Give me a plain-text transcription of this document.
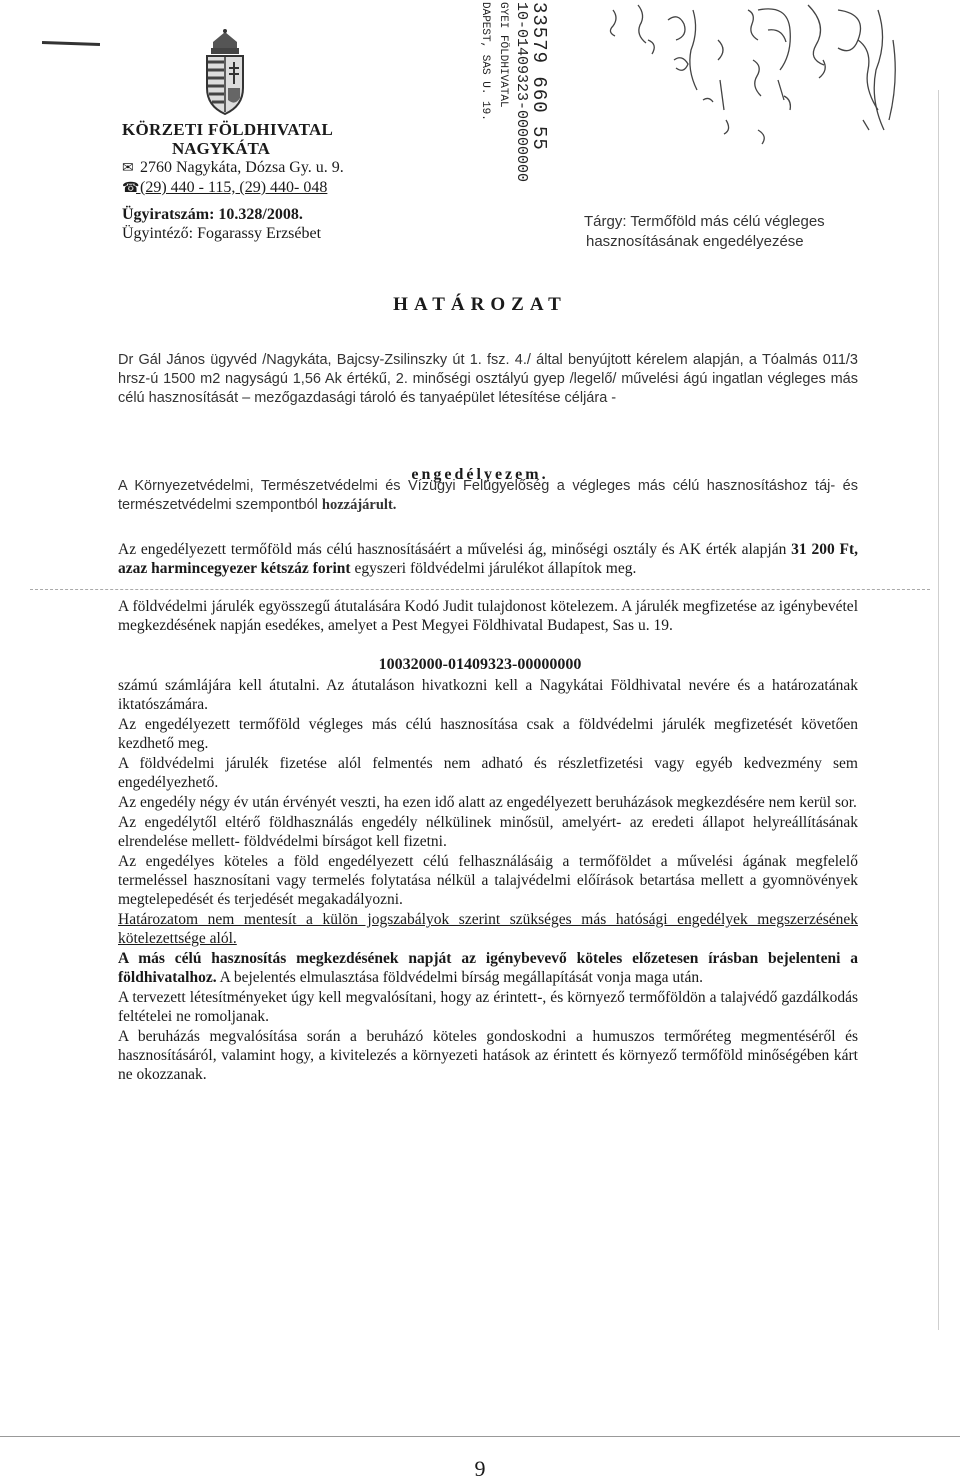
KÖRZETI FÖLDHIVATAL
NAGYKÁTA
✉ 2760 Nagykáta, Dózsa Gy. u. 9.
☎ (29) 440 - 115, (29) 440- 048
Ügyiratszám: 10.328/2008.
Ügyintéző: Fogarassy Erzsébet
Tárgy: Termőföld más célú végleges
hasznosításának engedélyezése
33579 660 55
10-01409323-00000000
GYEI FÖLDHIVATAL
DAPEST, SAS U. 19.
HATÁROZAT
Dr Gál János ügyvéd /Nagykáta, Bajcsy-Zsilinszky út 1. fsz. 4./ által benyújtott kérelem alapján, a Tóalmás 011/3 hrsz-ú 1500 m2 nagyságú 1,56 Ak értékű, 2. minőségi osztályú gyep /legelő/ művelési ágú ingatlan végleges más célú hasznosítását – mezőgazdasági tároló és tanyaépület létesítése céljára -
engedélyezem.
A Környezetvédelmi, Természetvédelmi és Vízügyi Felügyelőség a végleges más célú hasznosításhoz táj- és természetvédelmi szempontból hozzájárult.
Az engedélyezett termőföld más célú hasznosításáért a művelési ág, minőségi osztály és AK érték alapján 31 200 Ft, azaz harmincegyezer kétszáz forint egyszeri földvédelmi járulékot állapítok meg.
A földvédelmi járulék egyösszegű átutalására Kodó Judit tulajdonost kötelezem. A járulék megfizetése az igénybevétel megkezdésének napján esedékes, amelyet a Pest Megyei Földhivatal Budapest, Sas u. 19.
10032000-01409323-00000000
számú számlájára kell átutalni. Az átutaláson hivatkozni kell a Nagykátai Földhivatal nevére és a határozatának iktatószámára.
Az engedélyezett termőföld végleges más célú hasznosítása csak a földvédelmi járulék megfizetését követően kezdhető meg.
A földvédelmi járulék fizetése alól felmentés nem adható és részletfizetési vagy egyéb kedvezmény sem engedélyezhető.
Az engedély négy év után érvényét veszti, ha ezen idő alatt az engedélyezett beruházások megkezdésére nem kerül sor.
Az engedélytől eltérő földhasználás engedély nélkülinek minősül, amelyért- az eredeti állapot helyreállításának elrendelése mellett- földvédelmi bírságot kell fizetni.
Az engedélyes köteles a föld engedélyezett célú felhasználásáig a termőföldet a művelési ágának megfelelő termeléssel hasznosítani vagy termelés folytatása nélkül a talajvédelmi előírások betartása mellett a gyomnövények megtelepedését és terjedését megakadályozni.
Határozatom nem mentesít a külön jogszabályok szerint szükséges más hatósági engedélyek megszerzésének kötelezettsége alól.
A más célú hasznosítás megkezdésének napját az igénybevevő köteles előzetesen írásban bejelenteni a földhivatalhoz. A bejelentés elmulasztása földvédelmi bírság megállapítását vonja maga után.
A tervezett létesítményeket úgy kell megvalósítani, hogy az érintett-, és környező termőföldön a talajvédő gazdálkodás feltételei ne romoljanak.
A beruházás megvalósítása során a beruházó köteles gondoskodni a humuszos termőréteg megmentéséről és hasznosításáról, valamint hogy, a kivitelezés a környezeti hatások az érintett és környező termőföld minőségében kárt ne okozzanak.
9
